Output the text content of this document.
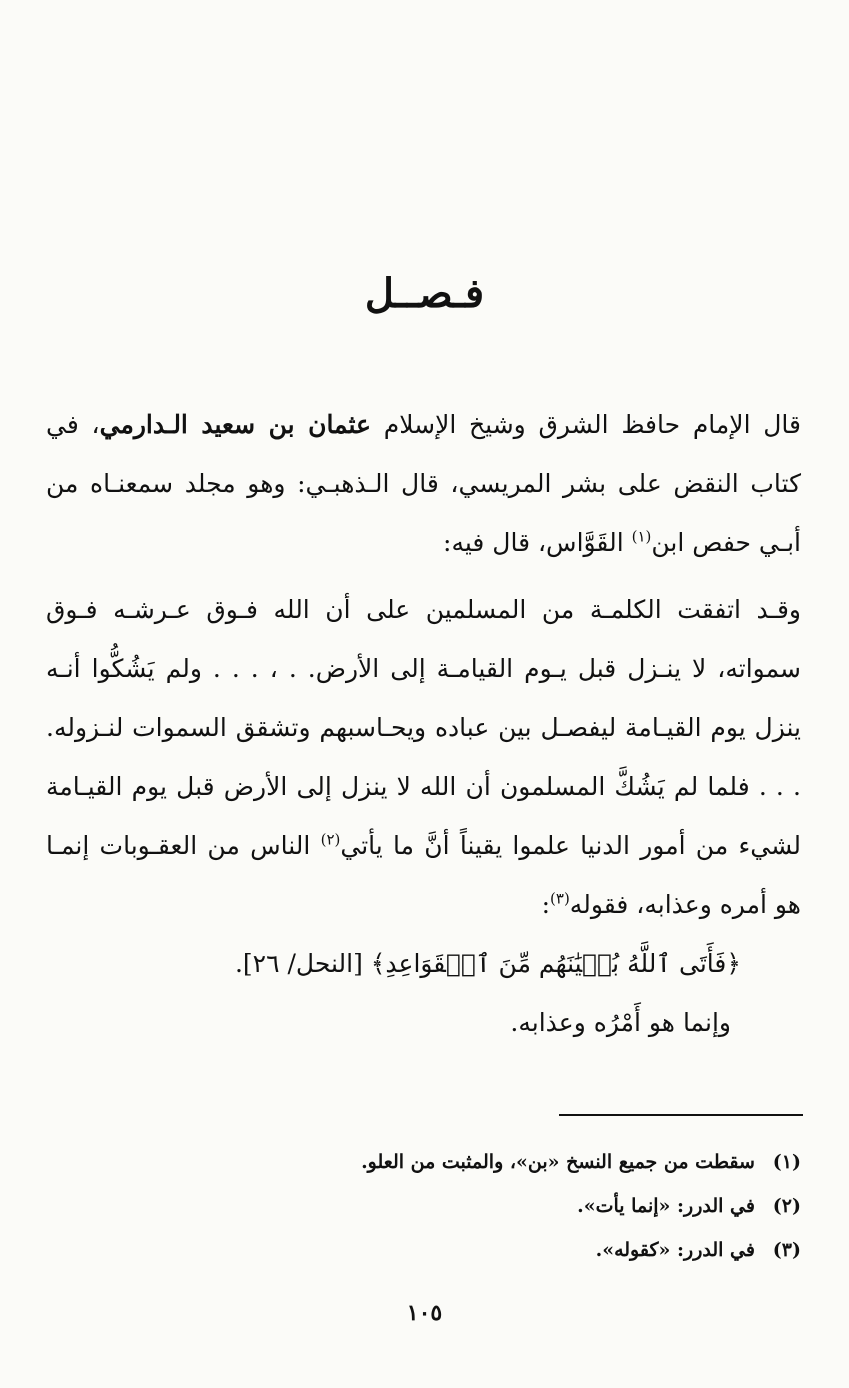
فـصــل

قال الإمام حافظ الشرق وشيخ الإسلام عثمان بن سعيد الـدارمي، في كتاب النقض على بشر المريسي، قال الـذهبـي: وهو مجلد سمعنـاه من أبـي حفص ابن$^{(١)}$ القَوَّاس، قال فيه:

وقـد اتفقت الكلمـة من المسلمين على أن الله فـوق عـرشـه فـوق سمواته، لا ينـزل قبل يـوم القيامـة إلى الأرض. . ، . . . ولم يَشُكُّوا أنـه ينزل يوم القيـامة ليفصـل بين عباده ويحـاسبهم وتشقق السموات لنـزوله. . . . فلما لم يَشُكَّ المسلمون أن الله لا ينزل إلى الأرض قبل يوم القيـامة لشيء من أمور الدنيا علموا يقيناً أنَّ ما يأتي$^{(٢)}$ الناس من العقـوبات إنمـا هو أمره وعذابه، فقوله$^{(٣)}$:

﴿فَأَتَى ٱللَّهُ بُنۡيَٰنَهُم مِّنَ ٱلۡقَوَاعِدِ﴾ [النحل/ ٢٦].

وإنما هو أَمْرُه وعذابه.

(١) سقطت من جميع النسخ «بن»، والمثبت من العلو.
(٢) في الدرر: «إنما يأت».
(٣) في الدرر: «كقوله».
١٠٥
